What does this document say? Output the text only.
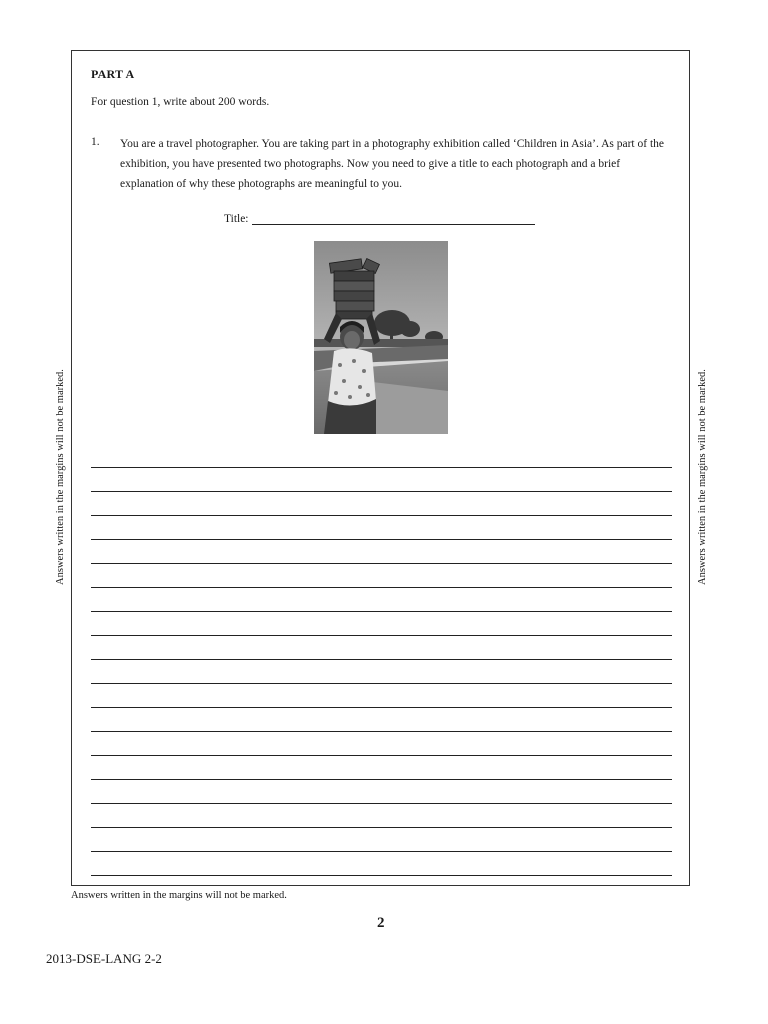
PART A
For question 1, write about 200 words.
1. You are a travel photographer. You are taking part in a photography exhibition called ‘Children in Asia’. As part of the exhibition, you have presented two photographs. Now you need to give a title to each photograph and a brief explanation of why these photographs are meaningful to you.
Title:
Answers written in the margins will not be marked.	Answers written in the margins will not be marked.
Answers written in the margins will not be marked.
2
2013-DSE-LANG 2-2
